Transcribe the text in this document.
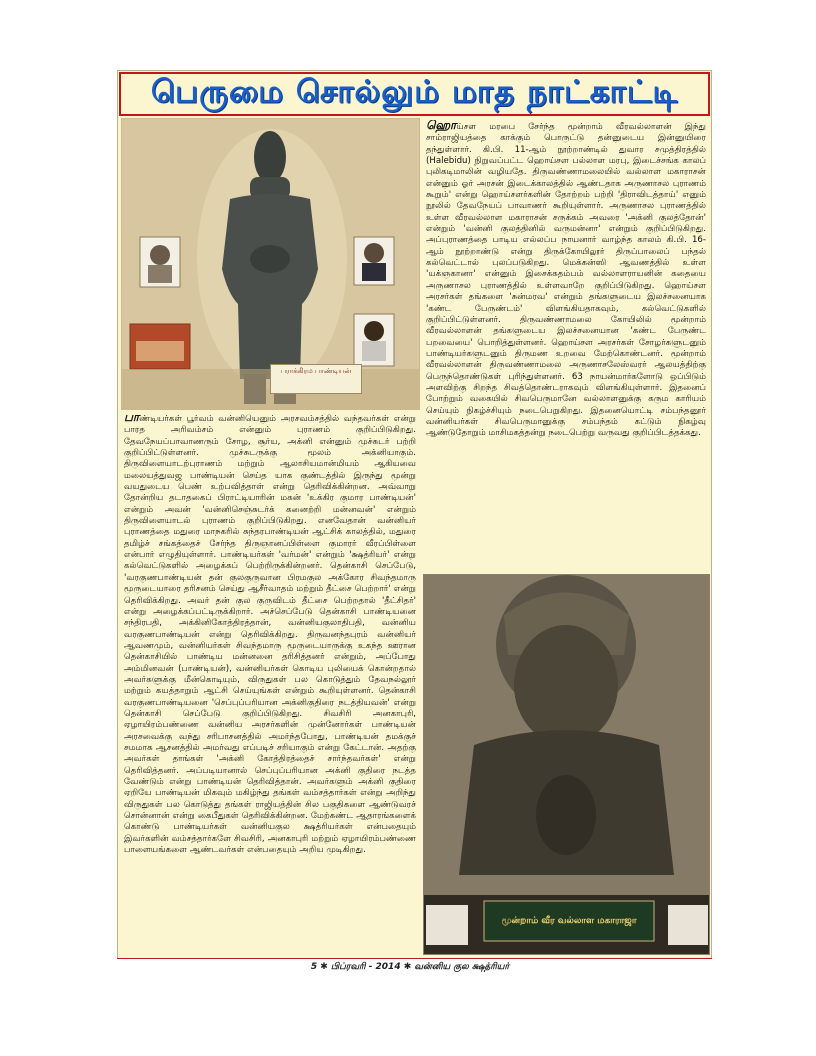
பெருமை சொல்லும் மாத நாட்காட்டி
பராக்கிரம பாண்டியன்

பாண்டியர்கள் பூர்வம் வன்னியெனும் அரசவம்சத்தில் வந்தவர்கள் என்று பாரத அரிவம்சம் என்னும் புராணம் குறிப்பிடுகிறது. தேவநேயப்பாவாணரும் சோழ, சூர்ய, அக்னி என்னும் முச்சுடர் பற்றி குறிப்பிட்டுள்ளனர். முச்சுடருக்கு மூலம் அக்னியாகும். திருவிளையாடற்புராணம் மற்றும் ஆலாசியமான்மியம் ஆகியவை மலையத்துவஜ பாண்டியன் செய்த யாக குண்டத்தில் இருந்து மூன்று வயதுடைய பெண் உற்பவித்தாள் என்று தெரிவிக்கின்றன. அவ்வாறு தோன்றிய தடாதகைப் பிராட்டியாரின் மகன் 'உக்கிர குமார பாண்டியன்' என்றும் அவன் 'வன்னிசெஞ்சுடர்க் கனைற்றி மன்னவன்' என்றும் திருவிளையாடல் புராணம் குறிப்பிடுகிறது. எனவேதான் வன்னியர் புராணத்தை மதுரை மாநகரில் சுந்தரபாண்டியன் ஆட்சிக் காலத்தில், மதுரை தமிழ்ச் சங்கத்தைச் சேர்ந்த திருஞானப்பிள்ளை குமாரர் வீரப்பிள்ளை என்பார் எழுதியுள்ளார். பாண்டியர்கள் 'வர்மன்' என்றும் 'க்ஷத்ரியர்' என்று கல்வெட்டுகளில் அழைக்கப் பெற்றிருக்கின்றனர். தென்காசி செப்பேடு, 'வரகுணபாண்டியன் தன் குலகுருவான பிரமகுல அக்கோர சிவந்தமாரு மூருடையாரை தரிசனம் செய்து ஆசீர்வாதம் மற்றும் தீட்சை பெற்றார்' என்று தெரிவிக்கிறது. அவர் தன் குல குருவிடம் தீட்சை பெற்றதால் 'தீட்சிதர்' என்று அழைக்கப்பட்டிருக்கிறார். அச்செப்பேடு தென்காசி பாண்டியனை சந்திரபதி, அக்கினிகோத்திரத்தான், வன்னியகுலாதிபதி, வன்னிய வரகுணபாண்டியன் என்று தெரிவிக்கிறது. திருவனந்தபுரம் வன்னியர் ஆவணமும், வன்னியர்கள் சிவந்தமாரு மூருடையாருக்கு உகந்த ஊரான தென்காசியில் பாண்டிய மன்னனை தரிசித்தனர் என்றும், அப்போது அம்மினவன் (பாண்டியன்), வன்னியர்கள் கொடிய புலியைக் கொன்றதால் அவர்களுக்கு மீன்கொடியும், விருதுகள் பல கொடுத்தும் தேவநல்லூர் மற்றும் கயத்தாறும் ஆட்சி செய்யுங்கள் என்றும் கூறியுள்ளனர். தென்காசி வரகுணபாண்டியனை 'செப்புப்பரியான அக்னிகுதிரை நடத்தியவன்' என்று தென்காசி செப்பேடு குறிப்பிடுகிறது. சிவசிரி அனகாபுரி, ஏழாயிரம்பண்ணை வன்னிய அரசர்களின் முன்னோர்கள் பாண்டியன் அரசவைக்கு வந்து சரிபாசனத்தில் அமர்ந்தபோது, பாண்டியன் தமக்குச் சமமாக ஆசனத்தில் அமர்வது எப்படிச் சரியாகும் என்று கேட்டான். அதற்கு அவர்கள் தாங்கள் 'அக்னி கோத்திரத்தைச் சார்ந்தவர்கள்' என்று தெரிவித்தனர். அப்படியானால் செப்புப்பரியான அக்னி குதிரை நடத்த வேண்டும் என்று பாண்டியன் தெரிவித்தான். அவர்களும் அக்னி குதிரை ஏறியே பாண்டியன் மிகவும் மகிழ்ந்து தங்கள் வம்சத்தார்கள் என்று அறிந்து விருதுகள் பல கொடுத்து தங்கள் ராஜியத்தின் சில பகுதிகளை ஆண்டுவரச் சொன்னான் என்று கைபீதுகள் தெரிவிக்கின்றன. மேற்கண்ட ஆதாரங்களைக் கொண்டு பாண்டியர்கள் வன்னியகுல க்ஷத்ரியர்கள் என்பதையும் இவர்களின் வம்சத்தார்களே சிவசிரி, அனகாபுரி மற்றும் ஏழாயிரம்பண்ணை பாளையங்களை ஆண்டவர்கள் என்பதையும் அறிய முடிகிறது.

ஹொய்சள மரபை சேர்ந்த மூன்றாம் வீரவல்லாளன் இந்து சாம்ராஜியத்தை காக்கும் பொருட்டு தன்னுடைய இன்னுயிரை தந்துள்ளார். கி.பி. 11-ஆம் நூற்றாண்டில் துவார சமுத்திரத்தில் (Halebidu) நிறுவப்பட்ட ஹொய்சள பல்லாள மரபு, இடைச்சங்க காலப் புலிகடிமாலின் வழியதே. திருவண்ணாமலையில் வல்லாள மகாராசன் என்னும் ஓர் அரசன் இடைக்காலத்தில் ஆண்டதாக அருணாசல புராணம் கூறும்' என்று ஹொய்சளர்களின் தோற்றம் பற்றி 'திராவிடத்தாய்' எனும் நூலில் தேவநேயப் பாவாணர் கூறியுள்ளார். அருணாசல புராணத்தில் உள்ள வீரவல்லாள மகாராசன் சருக்கம் அவரை 'அக்னி குலத்தோன்' என்றும் 'வன்னி குலத்தினில் வருமன்னா' என்றும் குறிப்பிடுகிறது. அப்புராணத்தை பாடிய எல்லப்ப நாயனார் வாழ்ந்த காலம் கி.பி. 16-ஆம் நூற்றாண்டு என்று திருக்கோயிலூர் திருப்பாலைப் பந்தல் கல்வெட்டால் புலப்படுகிறது. மெக்கன்ஸி ஆவணத்தில் உள்ள 'யக்ஞகானா' என்னும் இசைக்கதம்பம் வல்லாளராயனின் கதையை அருணாசல புராணத்தில் உள்ளவாறே குறிப்பிடுகிறது. ஹொய்சள அரசர்கள் தங்களை 'சுன்மரவ' என்றும் தங்களுடைய இலச்சனையாக 'கண்ட பேருண்டம்' விளங்கியதாகவும், கல்வெட்டுகளில் குறிப்பிட்டுள்ளனர். திருவண்ணாமலை கோயிலில் மூன்றாம் வீரவல்லாளன் தங்களுடைய இலச்சனையான 'கண்ட பேருண்ட பறவையை' பொறித்துள்ளனர். ஹொய்சள அரசர்கள் சோழர்களுடனும் பாண்டியர்களுடனும் திருமண உறவை மேற்கொண்டனர். மூன்றாம் வீரவல்லாளன் திருவண்ணாமலை அருணாசலேஸ்வரர் ஆலயத்திற்கு பெருந்தொண்டுகள் புரிந்துள்ளனர். 63 நாயன்மார்களோடு ஒப்பிடும் அளவிற்கு சிறந்த சிவத்தொண்டராகவும் விளங்கியுள்ளார். இதனைப் போற்றும் வகையில் சிவபெருமானே வல்லாளனுக்கு கரும காரியம் செய்யும் நிகழ்ச்சியும் நடைபெறுகிறது. இதனையொட்டி சம்பந்தனூர் வன்னியர்கள் சிவபெருமானுக்கு சம்பந்தம் கட்டும் நிகழ்வு ஆண்டுதோறும் மாசிமகத்தன்று நடைபெற்று வருவது குறிப்பிடத்தக்கது.

மூன்றாம் வீர வல்லாள மகாராஜா
5 ✱ பிப்ரவரி - 2014 ✱ வன்னிய குல க்ஷத்ரியர்
